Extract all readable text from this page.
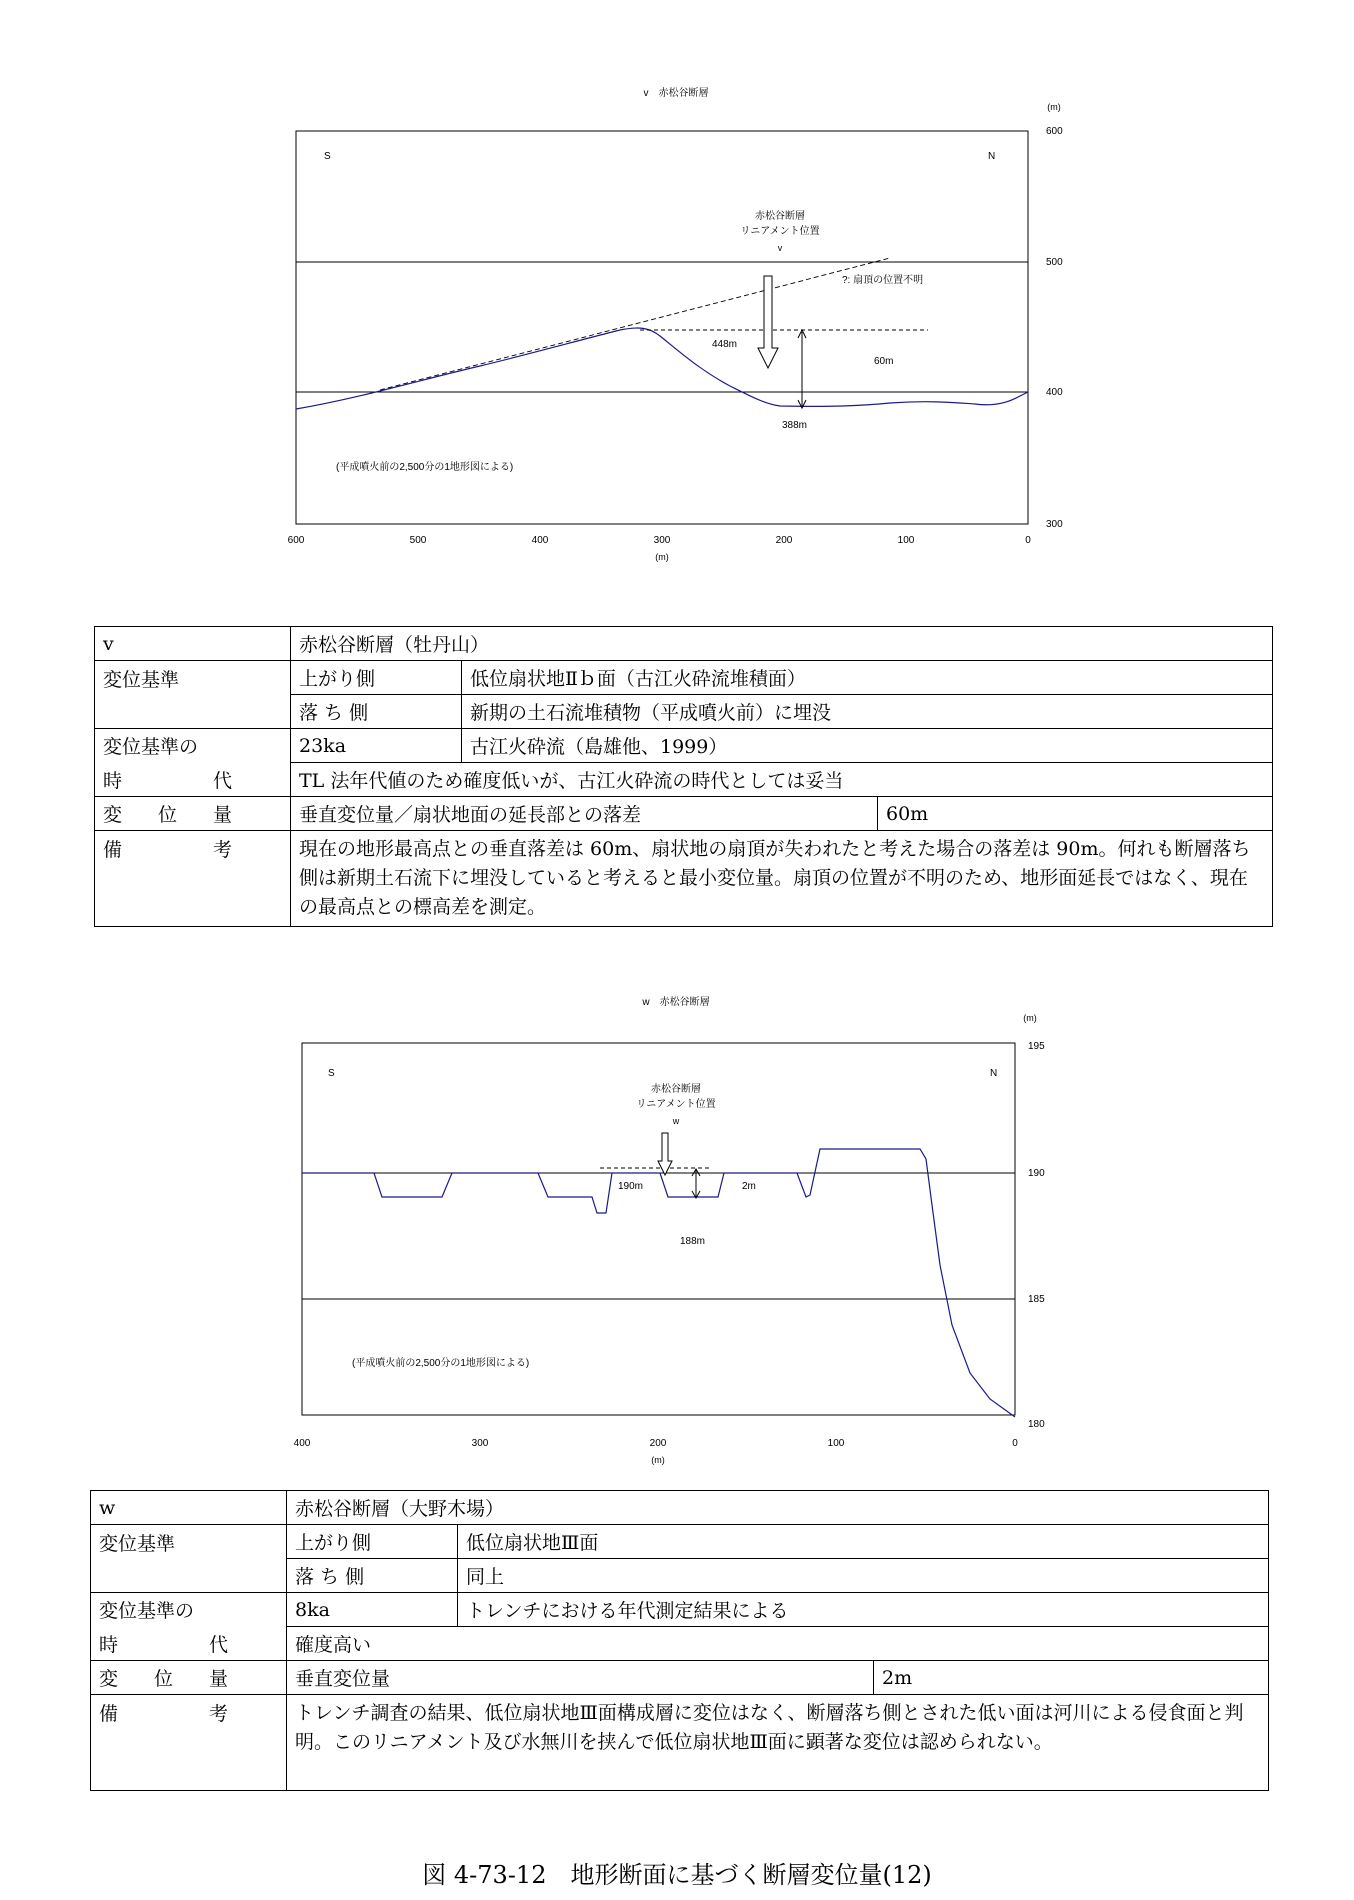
v　赤松谷断層
(m)
600
500
400
300
600	500	400	300	200	100	0
(m)
S	N
赤松谷断層
リニアメント位置
v
?: 扇頂の位置不明
448m
60m
388m
(平成噴火前の2,500分の1地形図による)
v	赤松谷断層（牡丹山）		
変位基準	上がり側	低位扇状地Ⅱｂ面（古江火砕流堆積面）	
	落 ち 側	新期の土石流堆積物（平成噴火前）に埋没	
変位基準の	23ka	古江火砕流（島雄他、1999）	

時 代	TL 法年代値のため確度低いが、古江火砕流の時代としては妥当		

変 位 量	垂直変位量／扇状地面の延長部との落差		60m

備 考	現在の地形最高点との垂直落差は 60m、扇状地の扇頂が失われたと考えた場合の落差は 90m。何れも断層落ち側は新期土石流下に埋没していると考えると最小変位量。扇頂の位置が不明のため、地形面延長ではなく、現在の最高点との標高差を測定。		
w　赤松谷断層
(m)
195
190
185
180
400	300	200	100	0
(m)
S	N
赤松谷断層
リニアメント位置
w
190m	2m
188m
(平成噴火前の2,500分の1地形図による)
w	赤松谷断層（大野木場）		
変位基準	上がり側	低位扇状地Ⅲ面	
	落 ち 側	同上	
変位基準の	8ka	トレンチにおける年代測定結果による	

時 代	確度高い		

変 位 量	垂直変位量		2m

備 考	トレンチ調査の結果、低位扇状地Ⅲ面構成層に変位はなく、断層落ち側とされた低い面は河川による侵食面と判明。このリニアメント及び水無川を挟んで低位扇状地Ⅲ面に顕著な変位は認められない。		
図 4-73-12　地形断面に基づく断層変位量(12)
